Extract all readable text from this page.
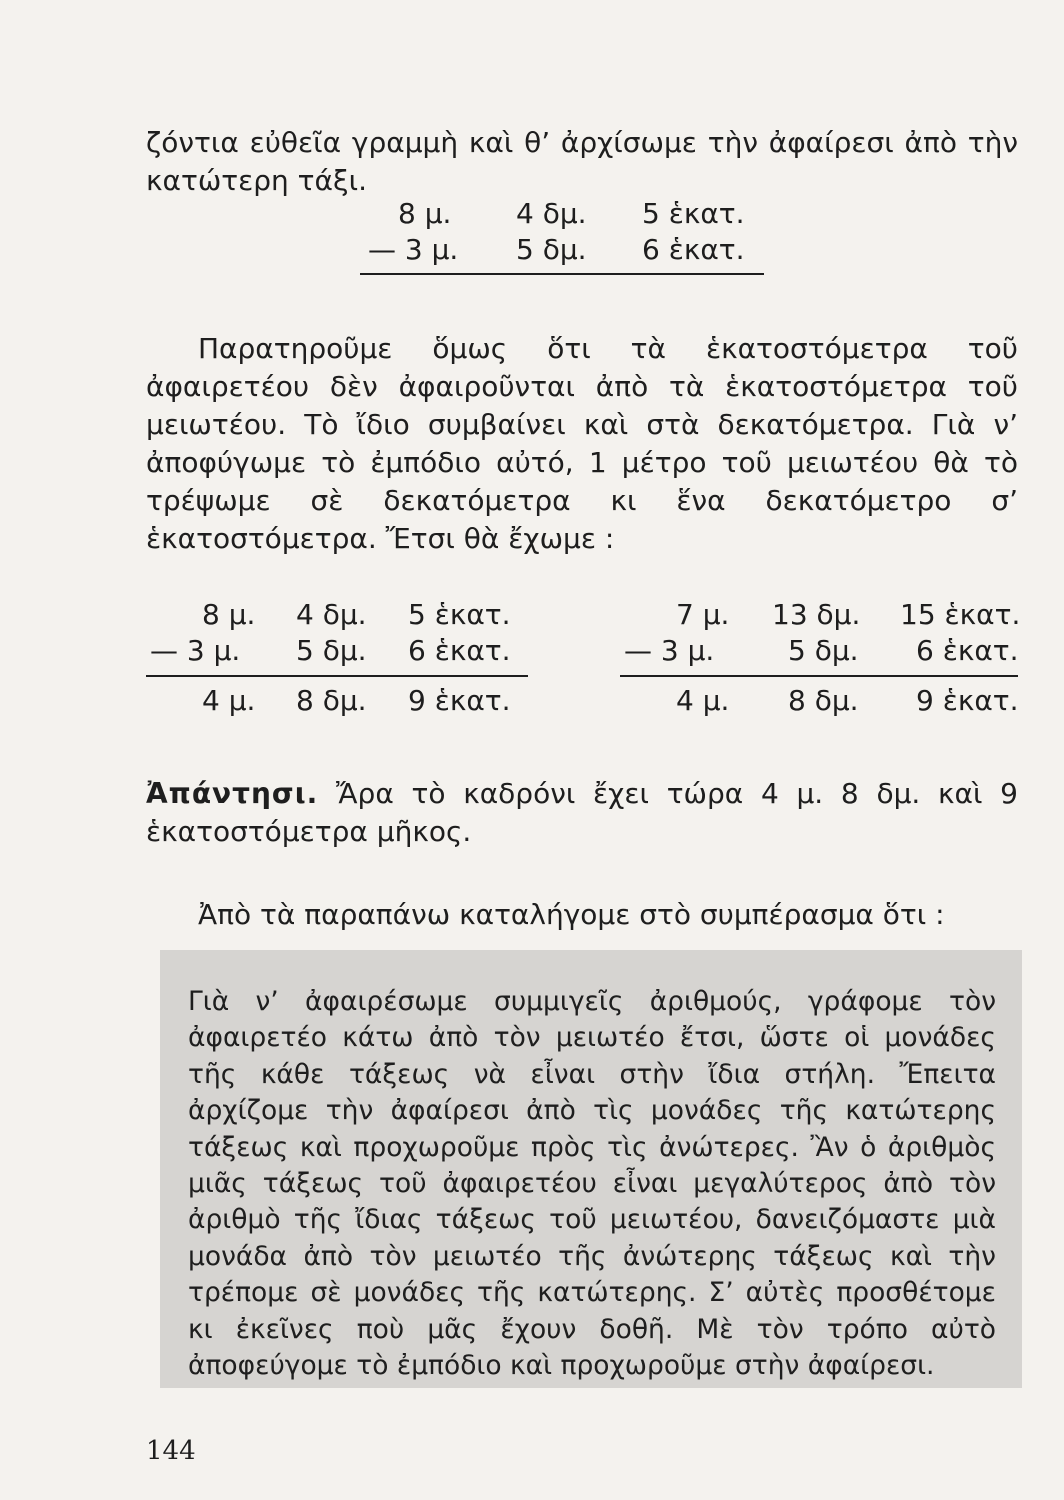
ζόντια εὐθεῖα γραμμὴ καὶ θ’ ἀρχίσωμε τὴν ἀφαίρεσι ἀπὸ τὴν κατώτερη τάξι.

8 μ. 4 δμ. 5 ἑκατ.
— 3 μ. 5 δμ. 6 ἑκατ.

Παρατηροῦμε ὅμως ὅτι τὰ ἑκατοστόμετρα τοῦ ἀφαιρετέου δὲν ἀφαιροῦνται ἀπὸ τὰ ἑκατοστόμετρα τοῦ μειωτέου. Τὸ ἴδιο συμβαίνει καὶ στὰ δεκατόμετρα. Γιὰ ν’ ἀποφύγωμε τὸ ἐμπόδιο αὐτό, 1 μέτρο τοῦ μειωτέου θὰ τὸ τρέψωμε σὲ δεκατόμετρα κι ἕνα δεκατόμετρο σ’ ἑκατοστόμετρα. Ἔτσι θὰ ἔχωμε :

8 μ. 4 δμ. 5 ἑκατ.
— 3 μ. 5 δμ. 6 ἑκατ.
4 μ. 8 δμ. 9 ἑκατ.
7 μ. 13 δμ. 15 ἑκατ.
— 3 μ.	5 δμ. 6 ἑκατ.
4 μ. 8 δμ. 9 ἑκατ.

Ἀπάντησι. Ἄρα τὸ καδρόνι ἔχει τώρα 4 μ. 8 δμ. καὶ 9 ἑκατοστόμετρα μῆκος.

Ἀπὸ τὰ παραπάνω καταλήγομε στὸ συμπέρασμα ὅτι :

Γιὰ ν’ ἀφαιρέσωμε συμμιγεῖς ἀριθμούς, γράφομε τὸν ἀφαιρετέο κάτω ἀπὸ τὸν μειωτέο ἔτσι, ὥστε οἱ μονάδες τῆς κάθε τάξεως νὰ εἶναι στὴν ἴδια στήλη. Ἔπειτα ἀρχίζομε τὴν ἀφαίρεσι ἀπὸ τὶς μονάδες τῆς κατώτερης τάξεως καὶ προχωροῦμε πρὸς τὶς ἀνώτερες. Ἂν ὁ ἀριθμὸς μιᾶς τάξεως τοῦ ἀφαιρετέου εἶναι μεγαλύτερος ἀπὸ τὸν ἀριθμὸ τῆς ἴδιας τάξεως τοῦ μειωτέου, δανειζόμαστε μιὰ μονάδα ἀπὸ τὸν μειωτέο τῆς ἀνώτερης τάξεως καὶ τὴν τρέπομε σὲ μονάδες τῆς κατώτερης. Σ’ αὐτὲς προσθέτομε κι ἐκεῖνες ποὺ μᾶς ἔχουν δοθῆ. Μὲ τὸν τρόπο αὐτὸ ἀποφεύγομε τὸ ἐμπόδιο καὶ προχωροῦμε στὴν ἀφαίρεσι.

144
